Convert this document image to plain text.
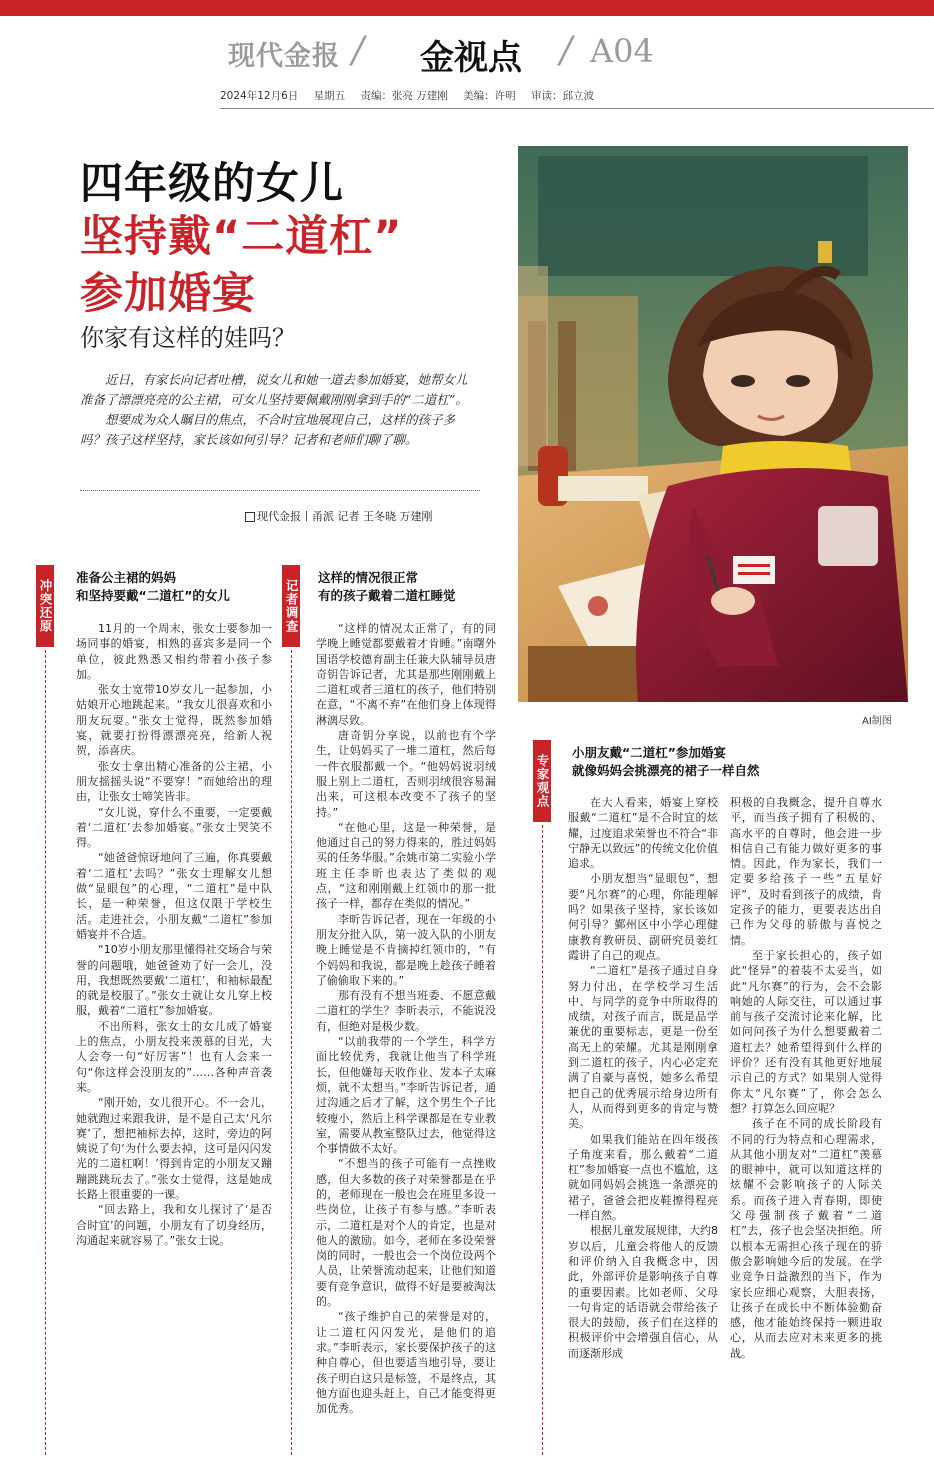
现代金报 / 金视点 / A04
2024年12月6日 星期五 责编：张亮 万建刚 美编：许明 审读：邱立波
四年级的女儿
坚持戴“二道杠”
参加婚宴
你家有这样的娃吗？

近日，有家长向记者吐槽，说女儿和她一道去参加婚宴，她帮女儿准备了漂漂亮亮的公主裙，可女儿坚持要佩戴刚刚拿到手的“二道杠”。

想要成为众人瞩目的焦点，不合时宜地展现自己，这样的孩子多吗？孩子这样坚持，家长该如何引导？记者和老师们聊了聊。

现代金报丨甬派 记者 王冬晓 万建刚
AI制图
冲突还原
准备公主裙的妈妈
和坚持要戴“二道杠”的女儿

11月的一个周末，张女士要参加一场同事的婚宴，相熟的喜宾多是同一个单位，彼此熟悉又相约带着小孩子参加。

张女士宽带10岁女儿一起参加，小姑娘开心地跳起来。“我女儿很喜欢和小朋友玩耍。”张女士觉得，既然参加婚宴，就要打扮得漂漂亮亮，给新人祝贺，添喜庆。

张女士拿出精心准备的公主裙，小朋友摇摇头说“不要穿！”而她给出的理由，让张女士啼笑皆非。

“女儿说，穿什么不重要，一定要戴着‘二道杠’去参加婚宴。”张女士哭笑不得。

“她爸爸惊讶地问了三遍，你真要戴着‘二道杠’去吗？”张女士理解女儿想做“显眼包”的心理，“二道杠”是中队长，是一种荣誉，但这仅限于学校生活。走进社会，小朋友戴“二道杠”参加婚宴并不合适。

“10岁小朋友那里懂得社交场合与荣誉的问题哦，她爸爸劝了好一会儿，没用，我想既然要戴‘二道杠’，和袖标最配的就是校服了。”张女士就让女儿穿上校服，戴着“二道杠”参加婚宴。

不出所料，张女士的女儿成了婚宴上的焦点，小朋友投来羡慕的目光，大人会夸一句“好厉害”！也有人会来一句“你这样会没朋友的”……各种声音袭来。

“刚开始，女儿很开心。不一会儿，她就跑过来跟我讲，是不是自己太‘凡尔赛’了，想把袖标去掉，这时，旁边的阿姨说了句‘为什么要去掉，这可是闪闪发光的二道杠啊！’得到肯定的小朋友又蹦蹦跳跳玩去了。”张女士觉得，这是她成长路上很重要的一课。

“回去路上，我和女儿探讨了‘是否合时宜’的问题，小朋友有了切身经历，沟通起来就容易了。”张女士说。

记者调查
这样的情况很正常
有的孩子戴着二道杠睡觉

“这样的情况太正常了，有的同学晚上睡觉都要戴着才肯睡。”南曙外国语学校德育副主任兼大队辅导员唐奇钥告诉记者，尤其是那些刚刚戴上二道杠或者三道杠的孩子，他们特别在意，“不离不弃”在他们身上体现得淋漓尽致。

唐奇钥分享说，以前也有个学生，让妈妈买了一堆二道杠，然后每一件衣服都戴一个。“他妈妈说羽绒服上别上二道杠，否则羽绒很容易漏出来，可这根本改变不了孩子的坚持。”

“在他心里，这是一种荣誉，是他通过自己的努力得来的，胜过妈妈买的任务华服。”余姚市第二实验小学班主任李昕也表达了类似的观点，“这和刚刚戴上红领巾的那一批孩子一样，都存在类似的情况。”

李昕告诉记者，现在一年级的小朋友分批入队，第一波入队的小朋友晚上睡觉是不肯摘掉红领巾的，“有个妈妈和我说，都是晚上趁孩子睡着了偷偷取下来的。”

那有没有不想当班委、不愿意戴二道杠的学生？李昕表示，不能说没有，但绝对是极少数。

“以前我带的一个学生，科学方面比较优秀，我就让他当了科学班长，但他嫌每天收作业、发本子太麻烦，就不太想当。”李昕告诉记者，通过沟通之后才了解，这个男生个子比较瘦小，然后上科学课都是在专业教室，需要从教室整队过去，他觉得这个事情做不太好。

“不想当的孩子可能有一点挫败感，但大多数的孩子对荣誉都是在乎的，老师现在一般也会在班里多设一些岗位，让孩子有参与感。”李昕表示，二道杠是对个人的肯定，也是对他人的激励。如今，老师在多设荣誉岗的同时，一般也会一个岗位设两个人员，让荣誉流动起来，让他们知道要有竞争意识，做得不好是要被淘汰的。

“孩子维护自己的荣誉是对的，让二道杠闪闪发光，是他们的追求。”李昕表示，家长要保护孩子的这种自尊心，但也要适当地引导，要让孩子明白这只是标签，不是终点，其他方面也迎头赶上，自己才能变得更加优秀。

专家观点
小朋友戴“二道杠”参加婚宴
就像妈妈会挑漂亮的裙子一样自然

在大人看来，婚宴上穿校服戴“二道杠”是不合时宜的炫耀，过度追求荣誉也不符合“非宁静无以致远”的传统文化价值追求。

小朋友想当“显眼包”，想要“凡尔赛”的心理，你能理解吗？如果孩子坚持，家长该如何引导？鄞州区中小学心理健康教育教研员、副研究员姜红霞讲了自己的观点。

“二道杠”是孩子通过自身努力付出，在学校学习生活中、与同学的竞争中所取得的成绩，对孩子而言，既是品学兼优的重要标志，更是一份至高无上的荣耀。尤其是刚刚拿到二道杠的孩子，内心必定充满了自豪与喜悦，她多么希望把自己的优秀展示给身边所有人，从而得到更多的肯定与赞美。

如果我们能站在四年级孩子角度来看，那么戴着“二道杠”参加婚宴一点也不尴尬，这就如同妈妈会挑选一条漂亮的裙子，爸爸会把皮鞋擦得程亮一样自然。

根据儿童发展规律，大约8岁以后，儿童会将他人的反馈和评价纳入自我概念中，因此，外部评价是影响孩子自尊的重要因素。比如老师、父母一句肯定的话语就会带给孩子很大的鼓励，孩子们在这样的积极评价中会增强自信心，从而逐渐形成

积极的自我概念，提升自尊水平，而当孩子拥有了积极的、高水平的自尊时，他会进一步相信自己有能力做好更多的事情。因此，作为家长，我们一定要多给孩子一些“五星好评”，及时看到孩子的成绩，肯定孩子的能力，更要表达出自己作为父母的骄傲与喜悦之情。

至于家长担心的，孩子如此“怪异”的着装不太妥当，如此“凡尔赛”的行为，会不会影响她的人际交往，可以通过事前与孩子交流讨论来化解，比如问问孩子为什么想要戴着二道杠去？她希望得到什么样的评价？还有没有其他更好地展示自己的方式？如果别人觉得你太“凡尔赛”了，你会怎么想？打算怎么回应呢？

孩子在不同的成长阶段有不同的行为特点和心理需求，从其他小朋友对“二道杠”羡慕的眼神中，就可以知道这样的炫耀不会影响孩子的人际关系。而孩子进入青春期，即使父母强制孩子戴着“二道杠”去，孩子也会坚决拒绝。所以根本无需担心孩子现在的骄傲会影响她今后的发展。在学业竞争日益激烈的当下，作为家长应细心观察，大胆表扬，让孩子在成长中不断体验勤奋感，他才能始终保持一颗进取心，从而去应对未来更多的挑战。
